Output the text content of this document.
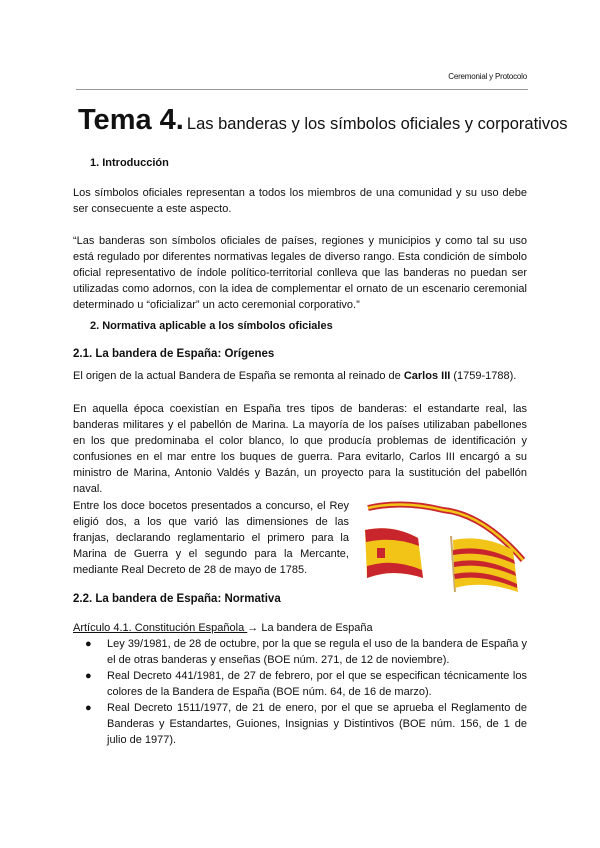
Ceremonial y Protocolo
Tema 4. Las banderas y los símbolos oficiales y corporativos
1. Introducción

Los símbolos oficiales representan a todos los miembros de una comunidad y su uso debe ser consecuente a este aspecto.

“Las banderas son símbolos oficiales de países, regiones y municipios y como tal su uso está regulado por diferentes normativas legales de diverso rango. Esta condición de símbolo oficial representativo de índole político-territorial conlleva que las banderas no puedan ser utilizadas como adornos, con la idea de complementar el ornato de un escenario ceremonial determinado u “oficializar” un acto ceremonial corporativo.”

2. Normativa aplicable a los símbolos oficiales
2.1. La bandera de España: Orígenes

El origen de la actual Bandera de España se remonta al reinado de Carlos III (1759-1788).

En aquella época coexistían en España tres tipos de banderas: el estandarte real, las banderas militares y el pabellón de Marina. La mayoría de los países utilizaban pabellones en los que predominaba el color blanco, lo que producía problemas de identificación y confusiones en el mar entre los buques de guerra. Para evitarlo, Carlos III encargó a su ministro de Marina, Antonio Valdés y Bazán, un proyecto para la sustitución del pabellón naval.

Entre los doce bocetos presentados a concurso, el Rey eligió dos, a los que varió las dimensiones de las franjas, declarando reglamentario el primero para la Marina de Guerra y el segundo para la Mercante, mediante Real Decreto de 28 de mayo de 1785.

2.2. La bandera de España: Normativa

Artículo 4.1. Constitución Española → La bandera de España

● Ley 39/1981, de 28 de octubre, por la que se regula el uso de la bandera de España y el de otras banderas y enseñas (BOE núm. 271, de 12 de noviembre).
● Real Decreto 441/1981, de 27 de febrero, por el que se especifican técnicamente los colores de la Bandera de España (BOE núm. 64, de 16 de marzo).
● Real Decreto 1511/1977, de 21 de enero, por el que se aprueba el Reglamento de Banderas y Estandartes, Guiones, Insignias y Distintivos (BOE núm. 156, de 1 de julio de 1977).
